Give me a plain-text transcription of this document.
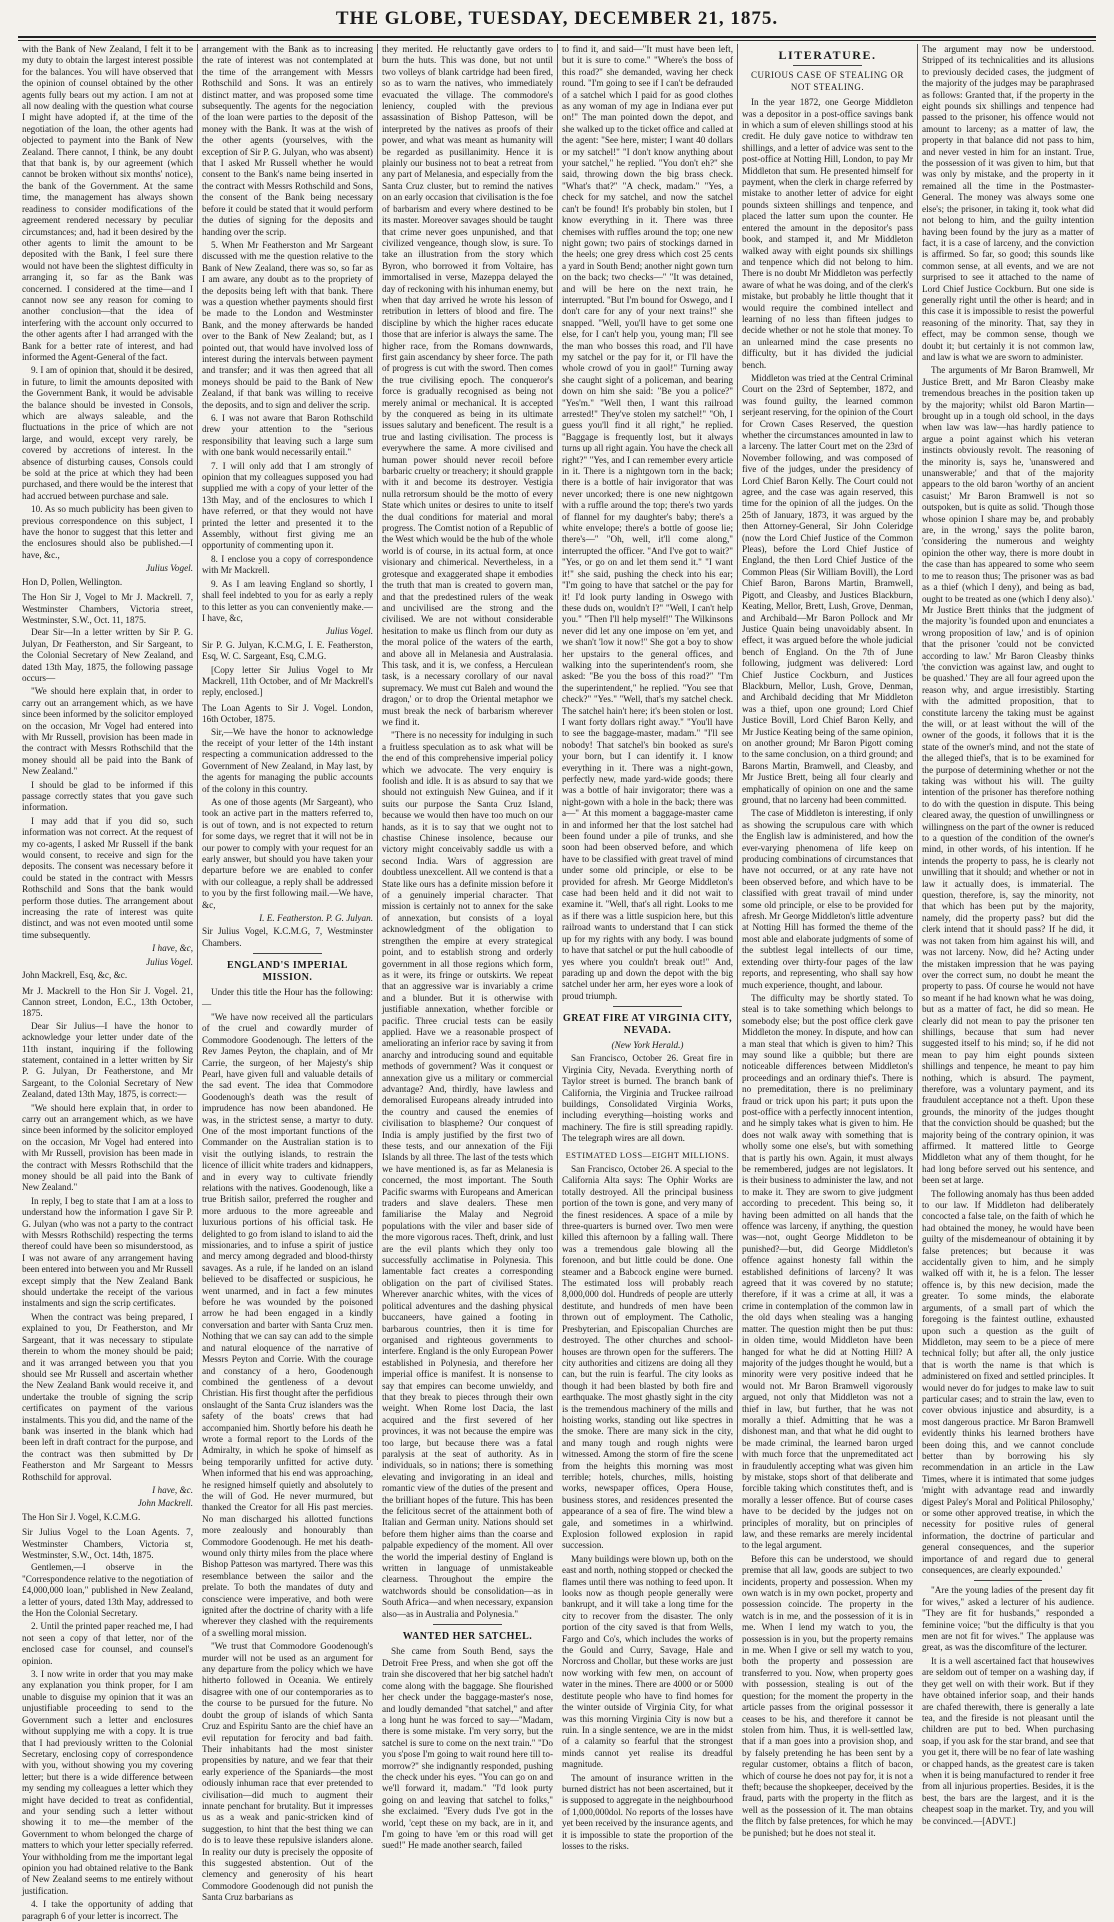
THE GLOBE, TUESDAY, DECEMBER 21, 1875.

with the Bank of New Zealand, I felt it to be my duty to obtain the largest interest possible for the balances. You will have observed that the opinion of counsel obtained by the other agents fully bears out my action. I am not at all now dealing with the question what course I might have adopted if, at the time of the negotiation of the loan, the other agents had objected to payment into the Bank of New Zealand. There cannot, I think, be any doubt that that bank is, by our agreement (which cannot be broken without six months' notice), the bank of the Government. At the same time, the management has always shown readiness to consider modifications of the agreement rendered necessary by peculiar circumstances; and, had it been desired by the other agents to limit the amount to be deposited with the Bank, I feel sure there would not have been the slightest difficulty in arranging it, so far as the Bank was concerned. I considered at the time—and I cannot now see any reason for coming to another conclusion—that the idea of interfering with the account only occurred to the other agents after I had arranged with the Bank for a better rate of interest, and had informed the Agent-General of the fact.

9. I am of opinion that, should it be desired, in future, to limit the amounts deposited with the Government Bank, it would be advisable the balance should be invested in Consols, which are always saleable, and the fluctuations in the price of which are not large, and would, except very rarely, be covered by accretions of interest. In the absence of disturbing causes, Consols could be sold at the price at which they had been purchased, and there would be the interest that had accrued between purchase and sale.

10. As so much publicity has been given to previous correspondence on this subject, I have the honor to suggest that this letter and the enclosures should also be published.—I have, &c.,

Julius Vogel.

Hon D, Pollen, Wellington.

The Hon Sir J, Vogel to Mr J. Mackrell. 7, Westminster Chambers, Victoria street, Westminster, S.W., Oct. 11, 1875.

Dear Sir—In a letter written by Sir P. G. Julyan, Dr Featherston, and Sir Sargeant, to the Colonial Secretary of New Zealand, and dated 13th May, 1875, the following passage occurs—

"We should here explain that, in order to carry out an arrangement which, as we have since been informed by the solicitor employed on the occasion, Mr Vogel had entered into with Mr Russell, provision has been made in the contract with Messrs Rothschild that the money should all be paid into the Bank of New Zealand."

I should be glad to be informed if this passage correctly states that you gave such information.

I may add that if you did so, such information was not correct. At the request of my co-agents, I asked Mr Russell if the bank would consent, to receive and sign for the deposits. The consent was necessary before it could be stated in the contract with Messrs Rothschild and Sons that the bank would perform those duties. The arrangement about increasing the rate of interest was quite distinct, and was not even mooted until some time subsequently.

I have, &c,

Julius Vogel.

John Mackrell, Esq, &c, &c.

Mr J. Mackrell to the Hon Sir J. Vogel. 21, Cannon street, London, E.C., 13th October, 1875.

Dear Sir Julius—I have the honor to acknowledge your letter under date of the 11th instant, inquiring if the following statement, contained in a letter written by Sir P. G. Julyan, Dr Featherstone, and Mr Sargeant, to the Colonial Secretary of New Zealand, dated 13th May, 1875, is correct:—

"We should here explain that, in order to carry out an arrangement which, as we have since been informed by the solicitor employed on the occasion, Mr Vogel had entered into with Mr Russell, provision has been made in the contract with Messrs Rothschild that the money should be all paid into the Bank of New Zealand."

In reply, I beg to state that I am at a loss to understand how the information I gave Sir P. G. Julyan (who was not a party to the contract with Messrs Rothschild) respecting the terms thereof could have been so misunderstood, as I was not aware of any arrangement having been entered into between you and Mr Russell except simply that the New Zealand Bank should undertake the receipt of the various instalments and sign the scrip certificates.

When the contract was being prepared, I explained to you, Dr Featherston, and Mr Sargeant, that it was necessary to stipulate therein to whom the money should be paid; and it was arranged between you that you should see Mr Russell and ascertain whether the New Zealand Bank would receive it, and undertake the trouble of signing the scrip certificates on payment of the various instalments. This you did, and the name of the bank was inserted in the blank which had been left in draft contract for the purpose, and the contract was then submitted by Dr Featherston and Mr Sargeant to Messrs Rothschild for approval.

I have, &c.

John Mackrell.

The Hon Sir J. Vogel, K.C.M.G.

Sir Julius Vogel to the Loan Agents. 7, Westminster Chambers, Victoria st, Westminster, S.W., Oct. 14th, 1875.

Gentlemen,—I observe in the "Correspondence relative to the negotiation of £4,000,000 loan," published in New Zealand, a letter of yours, dated 13th May, addressed to the Hon the Colonial Secretary.

2. Until the printed paper reached me, I had not seen a copy of that letter, nor of the enclosed case for counsel, and counsel's opinion.

3. I now write in order that you may make any explanation you think proper, for I am unable to disguise my opinion that it was an unjustifiable proceeding to send to the Government such a letter and enclosures without supplying me with a copy. It is true that I had previously written to the Colonial Secretary, enclosing copy of correspondence with you, without showing you my covering letter; but there is a wide difference between my sending my colleagues a letter which they might have decided to treat as confidential, and your sending such a letter without showing it to me—the member of the Government to whom belonged the charge of matters to which your letter specially referred. Your withholding from me the important legal opinion you had obtained relative to the Bank of New Zealand seems to me entirely without justification.

4. I take the opportunity of adding that paragraph 6 of your letter is incorrect. The

arrangement with the Bank as to increasing the rate of interest was not contemplated at the time of the arrangement with Messrs Rothschild and Sons. It was an entirely distinct matter, and was proposed some time subsequently. The agents for the negociation of the loan were parties to the deposit of the money with the Bank. It was at the wish of the other agents (yourselves, with the exception of Sir P. G. Julyan, who was absent) that I asked Mr Russell whether he would consent to the Bank's name being inserted in the contract with Messrs Rothschild and Sons, the consent of the Bank being necessary before it could be stated that it would perform the duties of signing for the deposits and handing over the scrip.

5. When Mr Featherston and Mr Sargeant discussed with me the question relative to the Bank of New Zealand, there was so, so far as I am aware, any doubt as to the propriety of the deposits being left with that bank. There was a question whether payments should first be made to the London and Westminster Bank, and the money afterwards be handed over to the Bank of New Zealand; but, as I pointed out, that would have involved loss of interest during the intervals between payment and transfer; and it was then agreed that all moneys should be paid to the Bank of New Zealand, if that bank was willing to receive the deposits, and to sign and deliver the scrip.

6. I was not aware that Baron Rothschild drew your attention to the "serious responsibility that leaving such a large sum with one bank would necessarily entail."

7. I will only add that I am strongly of opinion that my colleagues supposed you had supplied me with a copy of your letter of the 13th May, and of the enclosures to which I have referred, or that they would not have printed the letter and presented it to the Assembly, without first giving me an opportunity of commenting upon it.

8. I enclose you a copy of correspondence with Mr Mackrell.

9. As I am leaving England so shortly, I shall feel indebted to you for as early a reply to this letter as you can conveniently make.—I have, &c,

Julius Vogel.

Sir P. G. Julyan, K.C.M.G, I. E. Featherston, Esq, W. C. Sargeant, Esq, C.M.G.

[Copy letter Sir Julius Vogel to Mr Mackrell, 11th October, and of Mr Mackrell's reply, enclosed.]

The Loan Agents to Sir J. Vogel. London, 16th October, 1875.

Sir,—We have the honor to acknowledge the receipt of your letter of the 14th instant respecting a communication addressed to the Government of New Zealand, in May last, by the agents for managing the public accounts of the colony in this country.

As one of those agents (Mr Sargeant), who took an active part in the matters referred to, is out of town, and is not expected to return for some days, we regret that it will not be in our power to comply with your request for an early answer, but should you have taken your departure before we are enabled to confer with our colleague, a reply shall be addressed to you by the first following mail.—We have, &c,

I. E. Featherston. P. G. Julyan.

Sir Julius Vogel, K.C.M.G, 7, Westminster Chambers.

ENGLAND'S IMPERIAL MISSION.

Under this title the Hour has the following:—

"We have now received all the particulars of the cruel and cowardly murder of Commodore Goodenough. The letters of the Rev James Peyton, the chaplain, and of Mr Carrie, the surgeon, of her Majesty's ship Pearl, have given full and valuable details of the sad event. The idea that Commodore Goodenough's death was the result of imprudence has now been abandoned. He was, in the strictest sense, a martyr to duty. One of the most important functions of the Commander on the Australian station is to visit the outlying islands, to restrain the licence of illicit white traders and kidnappers, and in every way to cultivate friendly relations with the natives. Goodenough, like a true British sailor, preferred the rougher and more arduous to the more agreeable and luxurious portions of his official task. He delighted to go from island to island to aid the missionaries, and to infuse a spirit of justice and mercy among degraded and blood-thirsty savages. As a rule, if he landed on an island believed to be disaffected or suspicious, he went unarmed, and in fact a few minutes before he was wounded by the poisoned arrow he had been engaged in a kindly conversation and barter with Santa Cruz men. Nothing that we can say can add to the simple and natural eloquence of the narrative of Messrs Peyton and Corrie. With the courage and constancy of a hero, Goodenough combined the gentleness of a devout Christian. His first thought after the perfidious onslaught of the Santa Cruz islanders was the safety of the boats' crews that had accompanied him. Shortly before his death he wrote a formal report to the Lords of the Admiralty, in which he spoke of himself as being temporarily unfitted for active duty. When informed that his end was approaching, he resigned himself quietly and absolutely to the will of God. He never murmured, but thanked the Creator for all His past mercies. No man discharged his allotted functions more zealously and honourably than Commodore Goodenough. He met his death-wound only thirty miles from the place where Bishop Patteson was martyred. There was this resemblance between the sailor and the prelate. To both the mandates of duty and conscience were imperative, and both were ignited after the doctrine of charity with a life wherever they clashed with the requirements of a swelling moral mission.

"We trust that Commodore Goodenough's murder will not be used as an argument for any departure from the policy which we have hitherto followed in Oceania. We entirely disagree with one of our contemporaries as to the course to be pursued for the future. No doubt the group of islands of which Santa Cruz and Espiritu Santo are the chief have an evil reputation for ferocity and bad faith. Their inhabitants had the most sinister propensities by nature, and we fear that their early experience of the Spaniards—the most odiously inhuman race that ever pretended to civilisation—did much to augment their innate penchant for brutality. But it impresses us as a weak and panic-stricken kind of suggestion, to hint that the best thing we can do is to leave these repulsive islanders alone. In reality our duty is precisely the opposite of this suggested abstention. Out of the clemency and generosity of his heart Commodore Goodenough did not punish the Santa Cruz barbarians as

they merited. He reluctantly gave orders to burn the huts. This was done, but not until two volleys of blank cartridge had been fired, so as to warn the natives, who immediately evacuated the village. The commodore's leniency, coupled with the previous assassination of Bishop Patteson, will be interpreted by the natives as proofs of their power, and what was meant as humanity will be regarded as pusillanimity. Hence it is plainly our business not to beat a retreat from any part of Melanesia, and especially from the Santa Cruz cluster, but to remind the natives on an early occasion that civilisation is the foe of barbarism and every where destined to be its master. Moreover savages should be taught that crime never goes unpunished, and that civilized vengeance, though slow, is sure. To take an illustration from the story which Byron, who borrowed it from Voltaire, has immortalised in verse, Mazeppa delayed the day of reckoning with his inhuman enemy, but when that day arrived he wrote his lesson of retribution in letters of blood and fire. The discipline by which the higher races educate those that are inferior is always the same. The higher race, from the Romans downwards, first gain ascendancy by sheer force. The path of progress is cut with the sword. Then comes the true civilising epoch. The conqueror's force is gradually recognised as being not merely animal or mechanical. It is accepted by the conquered as being in its ultimate issues salutary and beneficent. The result is a true and lasting civilisation. The process is everywhere the same. A more civilised and human power should never recoil before barbaric cruelty or treachery; it should grapple with it and become its destroyer. Vestigia nulla retrorsum should be the motto of every State which unites or desires to unite to itself the dual conditions for material and moral progress. The Comtist notion of a Republic of the West which would be the hub of the whole world is of course, in its actual form, at once visionary and chimerical. Nevertheless, in a grotesque and exaggerated shape it embodies the truth that man is created to govern man, and that the predestined rulers of the weak and uncivilised are the strong and the civilised. We are not without considerable hesitation to make us flinch from our duty as the moral police of the waters of the earth, and above all in Melanesia and Australasia. This task, and it is, we confess, a Herculean task, is a necessary corollary of our naval supremacy. We must cut Baleh and wound the dragon,' or to drop the Oriental metaphor we must break the neck of barbarism wherever we find it.

"There is no necessity for indulging in such a fruitless speculation as to ask what will be the end of this comprehensive imperial policy which we advocate. The very enquiry is foolish and idle. It is as absurd to say that we should not extinguish New Guinea, and if it suits our purpose the Santa Cruz Island, because we would then have too much on our hands, as it is to say that we ought not to chastise Chinese insolence, because our victory might conceivably saddle us with a second India. Wars of aggression are doubtless unexcellent. All we contend is that a State like ours has a definite mission before it of a genuinely imperial character. That mission is certainly not to annex for the sake of annexation, but consists of a loyal acknowledgment of the obligation to strengthen the empire at every strategical point, and to establish strong and orderly government in all those regions which form, as it were, its fringe or outskirts. We repeat that an aggressive war is invariably a crime and a blunder. But it is otherwise with justifiable annexation, whether forcible or pacific. Three crucial tests can be easily applied. Have we a reasonable prospect of ameliorating an inferior race by saving it from anarchy and introducing sound and equitable methods of government? Was it conquest or annexation give us a military or commercial advantage? And, thirdly, have lawless and demoralised Europeans already intruded into the country and caused the enemies of civilisation to blaspheme? Our conquest of India is amply justified by the first two of these tests, and our annexation of the Fiji Islands by all three. The last of the tests which we have mentioned is, as far as Melanesia is concerned, the most important. The South Pacific swarms with Europeans and American traders and slave dealers. These men familiarise the Malay and Negroid populations with the viler and baser side of the more vigorous races. Theft, drink, and lust are the evil plants which they only too successfully acclimatise in Polynesia. This lamentable fact creates a corresponding obligation on the part of civilised States. Wherever anarchic whites, with the vices of political adventures and the dashing physical buccaneers, have gained a footing in barbarous countries, then it is time for organised and righteous governments to interfere. England is the only European Power established in Polynesia, and therefore her imperial office is manifest. It is nonsense to say that empires can become unwieldy, and that they break to pieces through their own weight. When Rome lost Dacia, the last acquired and the first severed of her provinces, it was not because the empire was too large, but because there was a fatal paralysis at the seat of authority. As in individuals, so in nations; there is something elevating and invigorating in an ideal and romantic view of the duties of the present and the brilliant hopes of the future. This has been the felicitous secret of the attainment both of Italian and German unity. Nations should set before them higher aims than the coarse and palpable expediency of the moment. All over the world the imperial destiny of England is written in language of unmistakeable clearness. Throughout the empire the watchwords should be consolidation—as in South Africa—and when necessary, expansion also—as in Australia and Polynesia."

WANTED HER SATCHEL.

She came from South Bend, says the Detroit Free Press, and when she got off the train she discovered that her big satchel hadn't come along with the baggage. She flourished her check under the baggage-master's nose, and loudly demanded "that satchel," and after a long hunt he was forced to say—"Madam, there is some mistake. I'm very sorry, but the satchel is sure to come on the next train." "Do you s'pose I'm going to wait round here till to-morrow?" she indignantly responded, pushing the check under his eyes. "You can go on and we'll forward it, madam." "I'd look purty going on and leaving that satchel to folks," she exclaimed. "Every duds I've got in the world, 'cept these on my back, are in it, and I'm going to have 'em or this road will get sued!" He made another search, failed

to find it, and said—"It must have been left, but it is sure to come." "Where's the boss of this road?" she demanded, waving her check round. "I'm going to see if I can't be defrauded of a satchel which I paid for as good clothes as any woman of my age in Indiana ever put on!" The man pointed down the depot, and she walked up to the ticket office and called at the agent: "See here, mister; I want 40 dollars or my satchel!" "I don't know anything about your satchel," he replied. "You don't eh?" she said, throwing down the big brass check. "What's that?" "A check, madam." "Yes, a check for my satchel, and now the satchel can't be found! It's probably bin stolen, but I know everything in it. There was three chemises with ruffles around the top; one new night gown; two pairs of stockings darned in the heels; one grey dress which cost 25 cents a yard in South Bend; another night gown turn on the back; two checks—" "It was detained, and will be here on the next train, he interrupted. "But I'm bound for Oswego, and I don't care for any of your next trains!" she snapped. "Well, you'll have to get some one else, for I can't help you, young man; I'll see the man who bosses this road, and I'll have my satchel or the pay for it, or I'll have the whole crowd of you in gaol!" Turning away she caught sight of a policeman, and bearing down on him she said: "Be you a police?" "Yes'm." "Well then, I want this railroad arrested!" They've stolen my satchel!" "Oh, I guess you'll find it all right," he replied. "Baggage is frequently lost, but it always turns up all right again. You have the check all right?" "Yes, and I can remember every article in it. There is a nightgown torn in the back; there is a bottle of hair invigorator that was never uncorked; there is one new nightgown with a ruffle around the top; there's two yards of flannel for my daughter's baby; there's a white envelope; there's a bottle of goose lie; there's—" "Oh, well, it'll come along," interrupted the officer. "And I've got to wait?" "Yes, or go on and let them send it." "I want it!" she said, pushing the check into his ear; "I'm going to have that satchel or the pay for it! I'd look purty landing in Oswego with these duds on, wouldn't I?" "Well, I can't help you." "Then I'll help myself!" The Wilkinsons never did let any one impose on 'em yet, and we shan't 'low it now!" She got a boy to show her upstairs to the general offices, and walking into the superintendent's room, she asked: "Be you the boss of this road?" "I'm the superintendent," he replied. "You see that check?" "Yes." "Well, that's my satchel check. The satchel hain't here; it's been stolen or lost. I want forty dollars right away." "You'll have to see the baggage-master, madam." "I'll see nobody! That satchel's bin booked as sure's your born, but I can identify it. I know everything in it. There was a night-gown, perfectly new, made yard-wide goods; there was a bottle of hair invigorator; there was a night-gown with a hole in the back; there was a—" At this moment a baggage-master came in and informed her that the lost satchel had been found under a pile of trunks, and she soon had been observed before, and which have to be classified with great travel of mind under some old principle, or else to be provided for afresh. Mr George Middleton's case had been held and it did not wait to examine it. "Well, that's all right. Looks to me as if there was a little suspicion here, but this railroad wants to understand that I can stick up for my rights with any body. I was bound to have that satchel or put the hull caboodle of yes where you couldn't break out!" And, parading up and down the depot with the big satchel under her arm, her eyes wore a look of proud triumph.

GREAT FIRE AT VIRGINIA CITY, NEVADA.

(New York Herald.)

San Francisco, October 26. Great fire in Virginia City, Nevada. Everything north of Taylor street is burned. The branch bank of California, the Virginia and Truckee railroad buildings, Consolidated Virginia Works, including everything—hoisting works and machinery. The fire is still spreading rapidly. The telegraph wires are all down.

ESTIMATED LOSS—EIGHT MILLIONS.

San Francisco, October 26. A special to the California Alta says: The Ophir Works are totally destroyed. All the principal business portion of the town is gone, and very many of the finest residences. A space of a mile by three-quarters is burned over. Two men were killed this afternoon by a falling wall. There was a tremendous gale blowing all the forenoon, and but little could be done. One steamer and a Babcock engine were burned. The estimated loss will probably reach 8,000,000 dol. Hundreds of people are utterly destitute, and hundreds of men have been thrown out of employment. The Catholic, Presbyterian, and Episcopalian Churches are destroyed. The other churches and school-houses are thrown open for the sufferers. The city authorities and citizens are doing all they can, but the ruin is fearful. The city looks as though it had been blasted by both fire and earthquake. The most ghastly sight in the city is the tremendous machinery of the mills and hoisting works, standing out like spectres in the smoke. There are many sick in the city, and many tough and rough nights were witnessed. Among the storm of fire the scene from the heights this morning was most terrible; hotels, churches, mills, hoisting works, newspaper offices, Opera House, business stores, and residences presented the appearance of a sea of fire. The wind blew a gale, and sometimes in a whirlwind. Explosion followed explosion in rapid succession.

Many buildings were blown up, both on the east and north, nothing stopped or checked the flames until there was nothing to feed upon. It looks now as though people generally were bankrupt, and it will take a long time for the city to recover from the disaster. The only portion of the city saved is that from Wells, Fargo and Co's, which includes the works of the Gould and Curry, Savage, Hale and Norcross and Chollar, but these works are just now working with few men, on account of water in the mines. There are 4000 or or 5000 destitute people who have to find homes for the winter outside of Virginia City, for what was this morning Virginia City is now but a ruin. In a single sentence, we are in the midst of a calamity so fearful that the strongest minds cannot yet realise its dreadful magnitude.

The amount of insurance written in the burned district has not been ascertained, but it is supposed to aggregate in the neighbourhood of 1,000,000dol. No reports of the losses have yet been received by the insurance agents, and it is impossible to state the proportion of the losses to the risks.

LITERATURE.

CURIOUS CASE OF STEALING OR NOT STEALING.

In the year 1872, one George Middleton was a depositor in a post-office savings bank in which a sum of eleven shillings stood at his credit. He duly gave notice to withdraw ten shillings, and a letter of advice was sent to the post-office at Notting Hill, London, to pay Mr Middleton that sum. He presented himself for payment, when the clerk in charge referred by mistake to another letter of advice for eight pounds sixteen shillings and tenpence, and placed the latter sum upon the counter. He entered the amount in the depositor's pass book, and stamped it, and Mr Middleton walked away with eight pounds six shillings and tenpence which did not belong to him. There is no doubt Mr Middleton was perfectly aware of what he was doing, and of the clerk's mistake, but probably he little thought that it would require the combined intellect and learning of no less than fifteen judges to decide whether or not he stole that money. To an unlearned mind the case presents no difficulty, but it has divided the judicial bench.

Middleton was tried at the Central Criminal Court on the 23rd of September, 1872, and was found guilty, the learned common serjeant reserving, for the opinion of the Court for Crown Cases Reserved, the question whether the circumstances amounted in law to a larceny. The latter Court met on the 23rd of November following, and was composed of five of the judges, under the presidency of Lord Chief Baron Kelly. The Court could not agree, and the case was again reserved, this time for the opinion of all the judges. On the 25th of January, 1873, it was argued by the then Attorney-General, Sir John Coleridge (now the Lord Chief Justice of the Common Pleas), before the Lord Chief Justice of England, the then Lord Chief Justice of the Common Pleas (Sir William Bovill), the Lord Chief Baron, Barons Martin, Bramwell, Pigott, and Cleasby, and Justices Blackburn, Keating, Mellor, Brett, Lush, Grove, Denman, and Archibald—Mr Baron Pollock and Mr Justice Quain being unavoidably absent. In effect, it was argued before the whole judicial bench of England. On the 7th of June following, judgment was delivered: Lord Chief Justice Cockburn, and Justices Blackburn, Mellor, Lush, Grove, Denman, and Archibald deciding that Mr Middleton was a thief, upon one ground; Lord Chief Justice Bovill, Lord Chief Baron Kelly, and Mr Justice Keating being of the same opinion, on another ground; Mr Baron Pigott coming to the same conclusion, on a third ground; and Barons Martin, Bramwell, and Cleasby, and Mr Justice Brett, being all four clearly and emphatically of opinion on one and the same ground, that no larceny had been committed.

The case of Middleton is interesting, if only as showing the scrupulous care with which the English law is administered, and how the ever-varying phenomena of life keep on producing combinations of circumstances that have not occurred, or at any rate have not been observed before, and which have to be classified with great travail of mind under some old principle, or else to be provided for afresh. Mr George Middleton's little adventure at Notting Hill has formed the theme of the most able and elaborate judgments of some of the subtlest legal intellects of our time, extending over thirty-four pages of the law reports, and representing, who shall say how much experience, thought, and labour.

The difficulty may be shortly stated. To steal is to take something which belongs to somebody else; but the post office clerk gave Middleton the money. In dispute, and how can a man steal that which is given to him? This may sound like a quibble; but there are noticeable differences between Middleton's proceedings and an ordinary thief's. There is no premeditation, there is no preliminary fraud or trick upon his part; it puts upon the post-office with a perfectly innocent intention, and he simply takes what is given to him. He does not walk away with something that is wholly some one else's, but with something that is partly his own. Again, it must always be remembered, judges are not legislators. It is their business to administer the law, and not to make it. They are sworn to give judgment according to precedent. This being so, it having been admitted on all hands that the offence was larceny, if anything, the question was—not, ought George Middleton to be punished?—but, did George Middleton's offence against honesty fall within the established definitions of larceny? It was agreed that it was covered by no statute; therefore, if it was a crime at all, it was a crime in contemplation of the common law in the old days when stealing was a hanging matter. The question might then be put thus: in olden time, would Middleton have been hanged for what he did at Notting Hill? A majority of the judges thought he would, but a minority were very positive indeed that he would not. Mr Baron Bramwell vigorously argued, not only that Middleton was not a thief in law, but further, that he was not morally a thief. Admitting that he was a dishonest man, and that what he did ought to be made criminal, the learned baron urged with much force that the unpremeditated act in fraudulently accepting what was given him by mistake, stops short of that deliberate and forcible taking which constitutes theft, and is morally a lesser offence. But of course cases have to be decided by the judges not on principles of morality, but on principles of law, and these remarks are merely incidental to the legal argument.

Before this can be understood, we should premise that all law, goods are subject to two incidents, property and possession. When my own watch is in my own pocket, property and possession coincide. The property in the watch is in me, and the possession of it is in me. When I lend my watch to you, the possession is in you, but the property remains in me. When I give or sell my watch to you, both the property and possession are transferred to you. Now, when property goes with possession, stealing is out of the question; for the moment the property in the article passes from the original possessor it ceases to be his, and therefore it cannot be stolen from him. Thus, it is well-settled law, that if a man goes into a provision shop, and by falsely pretending he has been sent by a regular customer, obtains a flitch of bacon, which of course he does not pay for, it is not a theft; because the shopkeeper, deceived by the fraud, parts with the property in the flitch as well as the possession of it. The man obtains the flitch by false pretences, for which he may be punished; but he does not steal it.

The argument may now be understood. Stripped of its technicalities and its allusions to previously decided cases, the judgment of the majority of the judges may be paraphrased as follows: Granted that, if the property in the eight pounds six shillings and tenpence had passed to the prisoner, his offence would not amount to larceny; as a matter of law, the property in that balance did not pass to him, and never vested in him for an instant. True, the possession of it was given to him, but that was only by mistake, and the property in it remained all the time in the Postmaster-General. The money was always some one else's; the prisoner, in taking it, took what did not belong to him, and the guilty intention having been found by the jury as a matter of fact, it is a case of larceny, and the conviction is affirmed. So far, so good; this sounds like common sense, at all events, and we are not surprised to see it attached to the name of Lord Chief Justice Cockburn. But one side is generally right until the other is heard; and in this case it is impossible to resist the powerful reasoning of the minority. That, say they in effect, may be common sense, though we doubt it; but certainly it is not common law, and law is what we are sworn to administer.

The arguments of Mr Baron Bramwell, Mr Justice Brett, and Mr Baron Cleasby make tremendous breaches in the position taken up by the majority; whilst old Baron Martin—brought up in a tough old school, in the days when law was law—has hardly patience to argue a point against which his veteran instincts obviously revolt. The reasoning of the minority is, says he, 'unanswered and unanswerable;' and that of the majority appears to the old baron 'worthy of an ancient casuist;' Mr Baron Bramwell is not so outspoken, but is quite as solid. 'Though those whose opinion I share may be, and probably are, in the wrong,' says the polite baron, 'considering the numerous and weighty opinion the other way, there is more doubt in the case than has appeared to some who seem to me to reason thus; The prisoner was as bad as a thief (which I deny), and being as bad, ought to be treated as one (which I deny also).' Mr Justice Brett thinks that the judgment of the majority 'is founded upon and enunciates a wrong proposition of law,' and is of opinion that the prisoner 'could not be convicted according to law.' Mr Baron Cleasby thinks 'the conviction was against law, and ought to be quashed.' They are all four agreed upon the reason why, and argue irresistibly. Starting with the admitted proposition, that to constitute larceny the taking must be against the will, or at least without the will of the owner of the goods, it follows that it is the state of the owner's mind, and not the state of the alleged thief's, that is to be examined for the purpose of determining whether or not the taking was without his will. The guilty intention of the prisoner has therefore nothing to do with the question in dispute. This being cleared away, the question of unwillingness or willingness on the part of the owner is reduced to a question of the condition of the owner's mind, in other words, of his intention. If he intends the property to pass, he is clearly not unwilling that it should; and whether or not in law it actually does, is immaterial. The question, therefore, is, say the minority, not that which has been put by the majority, namely, did the property pass? but did the clerk intend that it should pass? If he did, it was not taken from him against his will, and was not larceny. Now, did he? Acting under the mistaken impression that he was paying over the correct sum, no doubt he meant the property to pass. Of course he would not have so meant if he had known what he was doing, but as a matter of fact, he did so mean. He clearly did not mean to pay the prisoner ten shillings, because that sum had never suggested itself to his mind; so, if he did not mean to pay him eight pounds sixteen shillings and tenpence, he meant to pay him nothing, which is absurd. The payment, therefore, was a voluntary payment, and its fraudulent acceptance not a theft. Upon these grounds, the minority of the judges thought that the conviction should be quashed; but the majority being of the contrary opinion, it was affirmed. It mattered little to George Middleton what any of them thought, for he had long before served out his sentence, and been set at large.

The following anomaly has thus been added to our law. If Middleton had deliberately concocted a false tale, on the faith of which he had obtained the money, he would have been guilty of the misdemeanour of obtaining it by false pretences; but because it was accidentally given to him, and he simply walked off with it, he is a felon. The lesser offence is, by this new decision, made the greater. To some minds, the elaborate arguments, of a small part of which the foregoing is the faintest outline, exhausted upon such a question as the guilt of Middleton, may seem to be a piece of mere technical folly; but after all, the only justice that is worth the name is that which is administered on fixed and settled principles. It would never do for judges to make law to suit particular cases; and to strain the law, even to cover obvious injustice and absurdity, is a most dangerous practice. Mr Baron Bramwell evidently thinks his learned brothers have been doing this, and we cannot conclude better than by borrowing his sly recommendation in an article in the Law Times, where it is intimated that some judges 'might with advantage read and inwardly digest Paley's Moral and Political Philosophy,' or some other approved treatise, in which the necessity for positive rules of general information, the doctrine of particular and general consequences, and the superior importance of and regard due to general consequences, are clearly expounded.'

"Are the young ladies of the present day fit for wives," asked a lecturer of his audience. "They are fit for husbands," responded a feminine voice; "but the difficulty is that you men are not fit for wives." The applause was great, as was the discomfiture of the lecturer.

It is a well ascertained fact that housewives are seldom out of temper on a washing day, if they get well on with their work. But if they have obtained inferior soap, and their hands are chafed therewith, there is generally a late tea, and the fireside is not pleasant until the children are put to bed. When purchasing soap, if you ask for the star brand, and see that you get it, there will be no fear of late washing or chapped hands, as the greatest care is taken when it is being manufactured to render it free from all injurious properties. Besides, it is the best, the bars are the largest, and it is the cheapest soap in the market. Try, and you will be convinced.—[ADVT.]
